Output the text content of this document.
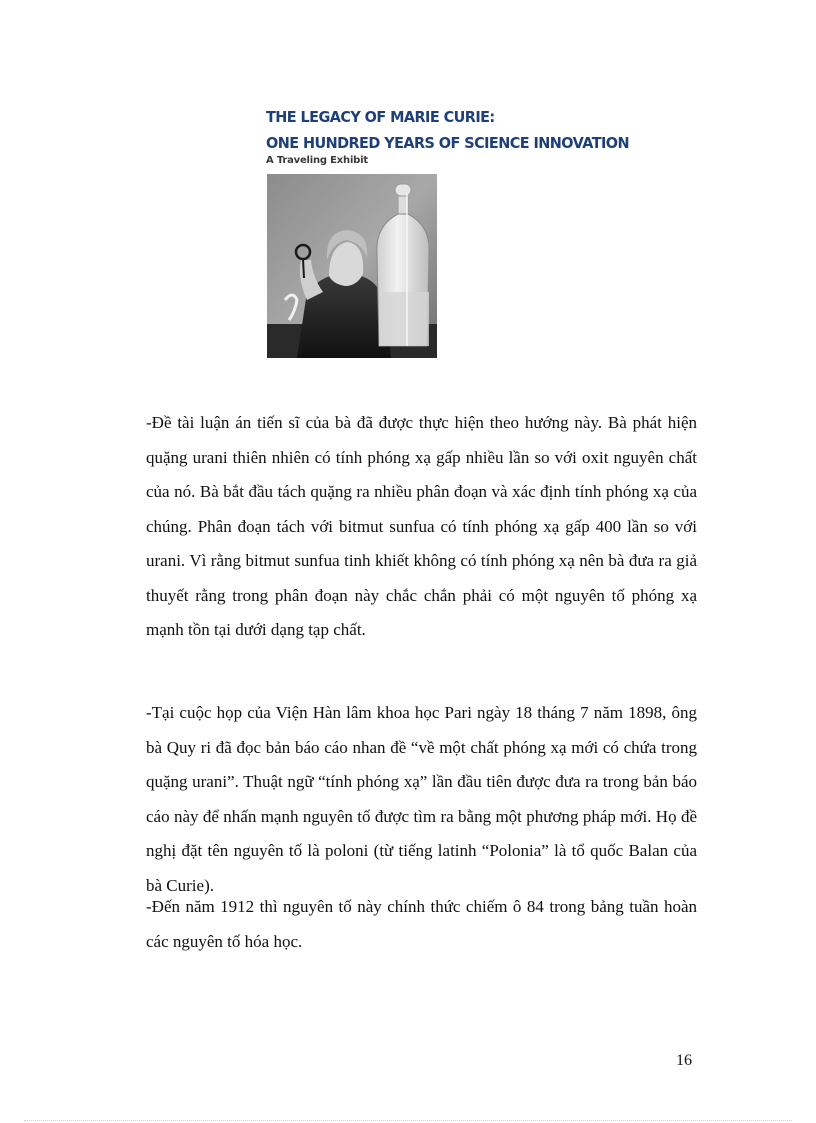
THE LEGACY OF MARIE CURIE:
ONE HUNDRED YEARS OF SCIENCE INNOVATION
A Traveling Exhibit

-Đề tài luận án tiến sĩ của bà đã được thực hiện theo hướng này. Bà phát hiện quặng urani thiên nhiên có tính phóng xạ gấp nhiều lần so với oxit nguyên chất của nó. Bà bắt đầu tách quặng ra nhiều phân đoạn và xác định tính phóng xạ của chúng. Phân đoạn tách với bitmut sunfua có tính phóng xạ gấp 400 lần so với urani. Vì rằng bitmut sunfua tinh khiết không có tính phóng xạ nên bà đưa ra giả thuyết rằng trong phân đoạn này chắc chắn phải có một nguyên tố phóng xạ mạnh tồn tại dưới dạng tạp chất.

-Tại cuộc họp của Viện Hàn lâm khoa học Pari ngày 18 tháng 7 năm 1898, ông bà Quy ri đã đọc bản báo cáo nhan đề “về một chất phóng xạ mới có chứa trong quặng urani”. Thuật ngữ “tính phóng xạ” lần đầu tiên được đưa ra trong bản báo cáo này để nhấn mạnh nguyên tố được tìm ra bằng một phương pháp mới. Họ đề nghị đặt tên nguyên tố là poloni (từ tiếng latinh “Polonia” là tổ quốc Balan của bà Curie).

-Đến năm 1912 thì nguyên tố này chính thức chiếm ô 84 trong bảng tuần hoàn các nguyên tố hóa học.

16
